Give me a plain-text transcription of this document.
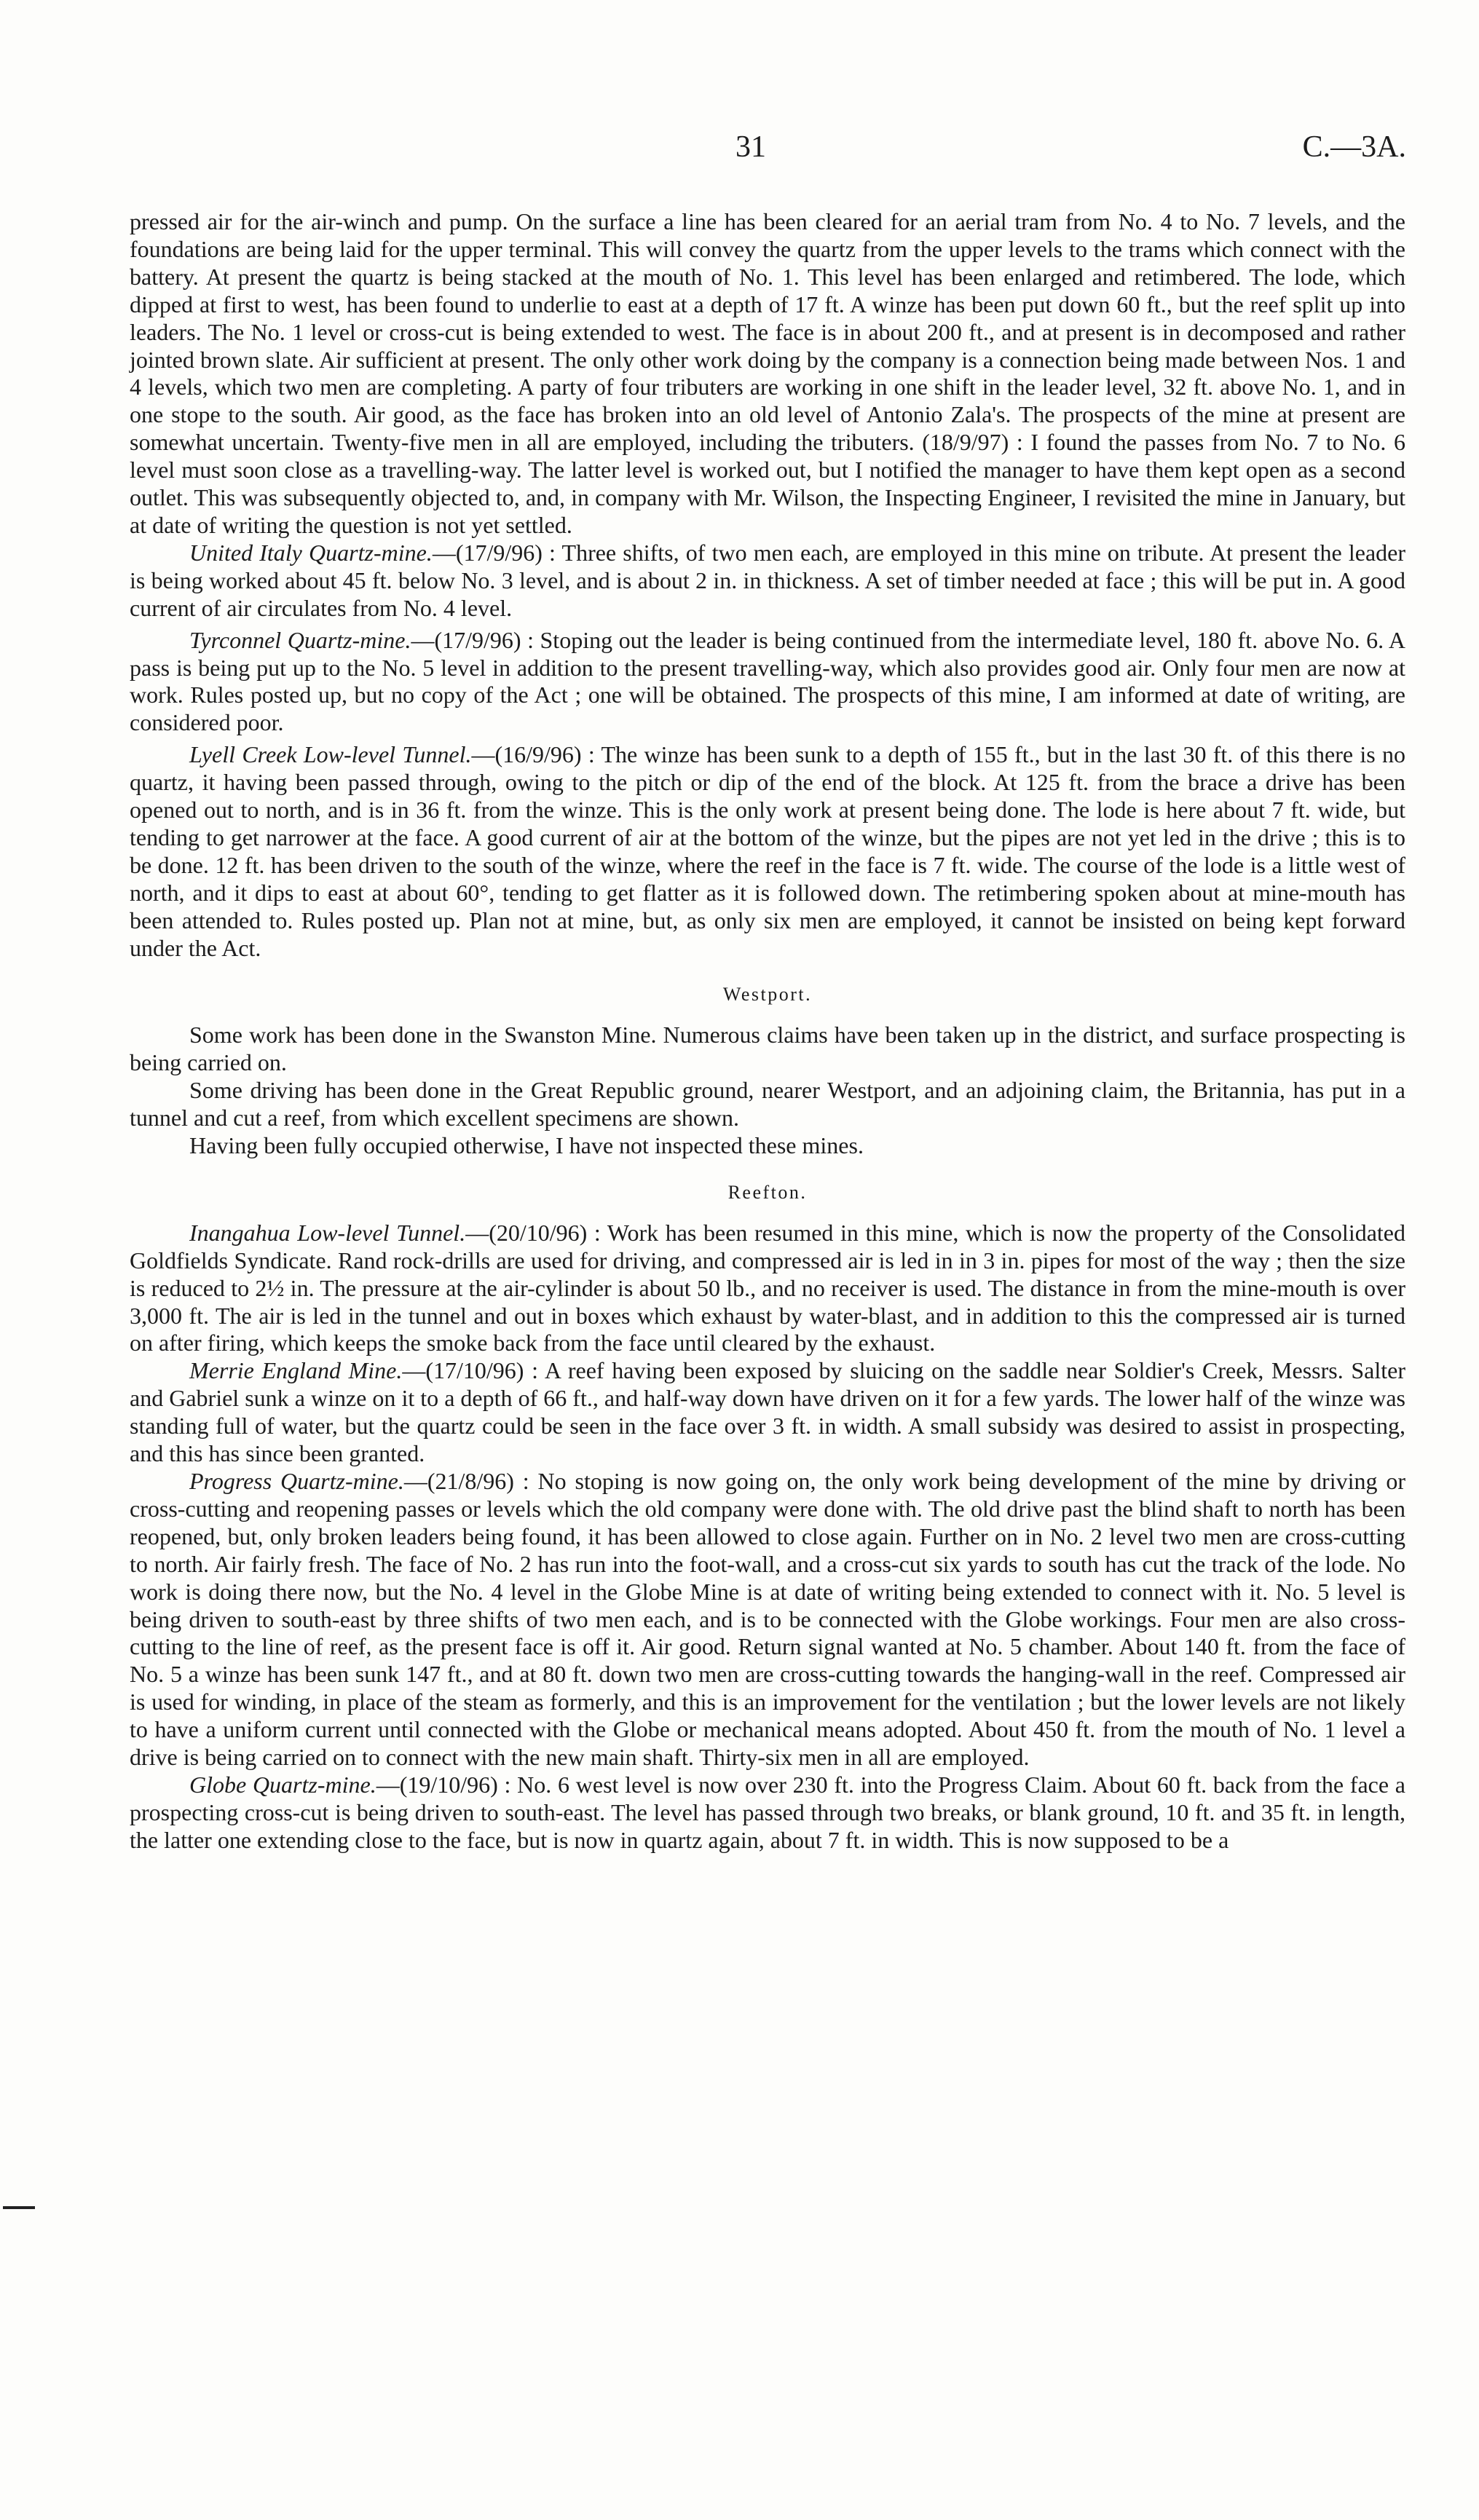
31	C.—3A.

pressed air for the air-winch and pump. On the surface a line has been cleared for an aerial tram from No. 4 to No. 7 levels, and the foundations are being laid for the upper terminal. This will convey the quartz from the upper levels to the trams which connect with the battery. At present the quartz is being stacked at the mouth of No. 1. This level has been enlarged and retimbered. The lode, which dipped at first to west, has been found to underlie to east at a depth of 17 ft. A winze has been put down 60 ft., but the reef split up into leaders. The No. 1 level or cross-cut is being extended to west. The face is in about 200 ft., and at present is in decomposed and rather jointed brown slate. Air sufficient at present. The only other work doing by the company is a connection being made between Nos. 1 and 4 levels, which two men are completing. A party of four tributers are working in one shift in the leader level, 32 ft. above No. 1, and in one stope to the south. Air good, as the face has broken into an old level of Antonio Zala's. The prospects of the mine at present are somewhat uncertain. Twenty-five men in all are employed, including the tributers. (18/9/97) : I found the passes from No. 7 to No. 6 level must soon close as a travelling-way. The latter level is worked out, but I notified the manager to have them kept open as a second outlet. This was subsequently objected to, and, in company with Mr. Wilson, the Inspecting Engineer, I revisited the mine in January, but at date of writing the question is not yet settled.

United Italy Quartz-mine.—(17/9/96) : Three shifts, of two men each, are employed in this mine on tribute. At present the leader is being worked about 45 ft. below No. 3 level, and is about 2 in. in thickness. A set of timber needed at face ; this will be put in. A good current of air circulates from No. 4 level.

Tyrconnel Quartz-mine.—(17/9/96) : Stoping out the leader is being continued from the intermediate level, 180 ft. above No. 6. A pass is being put up to the No. 5 level in addition to the present travelling-way, which also provides good air. Only four men are now at work. Rules posted up, but no copy of the Act ; one will be obtained. The prospects of this mine, I am informed at date of writing, are considered poor.

Lyell Creek Low-level Tunnel.—(16/9/96) : The winze has been sunk to a depth of 155 ft., but in the last 30 ft. of this there is no quartz, it having been passed through, owing to the pitch or dip of the end of the block. At 125 ft. from the brace a drive has been opened out to north, and is in 36 ft. from the winze. This is the only work at present being done. The lode is here about 7 ft. wide, but tending to get narrower at the face. A good current of air at the bottom of the winze, but the pipes are not yet led in the drive ; this is to be done. 12 ft. has been driven to the south of the winze, where the reef in the face is 7 ft. wide. The course of the lode is a little west of north, and it dips to east at about 60°, tending to get flatter as it is followed down. The retimbering spoken about at mine-mouth has been attended to. Rules posted up. Plan not at mine, but, as only six men are employed, it cannot be insisted on being kept forward under the Act.

Westport.

Some work has been done in the Swanston Mine. Numerous claims have been taken up in the district, and surface prospecting is being carried on.

Some driving has been done in the Great Republic ground, nearer Westport, and an adjoining claim, the Britannia, has put in a tunnel and cut a reef, from which excellent specimens are shown.

Having been fully occupied otherwise, I have not inspected these mines.

Reefton.

Inangahua Low-level Tunnel.—(20/10/96) : Work has been resumed in this mine, which is now the property of the Consolidated Goldfields Syndicate. Rand rock-drills are used for driving, and compressed air is led in in 3 in. pipes for most of the way ; then the size is reduced to 2½ in. The pressure at the air-cylinder is about 50 lb., and no receiver is used. The distance in from the mine-mouth is over 3,000 ft. The air is led in the tunnel and out in boxes which exhaust by water-blast, and in addition to this the compressed air is turned on after firing, which keeps the smoke back from the face until cleared by the exhaust.

Merrie England Mine.—(17/10/96) : A reef having been exposed by sluicing on the saddle near Soldier's Creek, Messrs. Salter and Gabriel sunk a winze on it to a depth of 66 ft., and half-way down have driven on it for a few yards. The lower half of the winze was standing full of water, but the quartz could be seen in the face over 3 ft. in width. A small subsidy was desired to assist in prospecting, and this has since been granted.

Progress Quartz-mine.—(21/8/96) : No stoping is now going on, the only work being development of the mine by driving or cross-cutting and reopening passes or levels which the old company were done with. The old drive past the blind shaft to north has been reopened, but, only broken leaders being found, it has been allowed to close again. Further on in No. 2 level two men are cross-cutting to north. Air fairly fresh. The face of No. 2 has run into the foot-wall, and a cross-cut six yards to south has cut the track of the lode. No work is doing there now, but the No. 4 level in the Globe Mine is at date of writing being extended to connect with it. No. 5 level is being driven to south-east by three shifts of two men each, and is to be connected with the Globe workings. Four men are also cross-cutting to the line of reef, as the present face is off it. Air good. Return signal wanted at No. 5 chamber. About 140 ft. from the face of No. 5 a winze has been sunk 147 ft., and at 80 ft. down two men are cross-cutting towards the hanging-wall in the reef. Compressed air is used for winding, in place of the steam as formerly, and this is an improvement for the ventilation ; but the lower levels are not likely to have a uniform current until connected with the Globe or mechanical means adopted. About 450 ft. from the mouth of No. 1 level a drive is being carried on to connect with the new main shaft. Thirty-six men in all are employed.

Globe Quartz-mine.—(19/10/96) : No. 6 west level is now over 230 ft. into the Progress Claim. About 60 ft. back from the face a prospecting cross-cut is being driven to south-east. The level has passed through two breaks, or blank ground, 10 ft. and 35 ft. in length, the latter one extending close to the face, but is now in quartz again, about 7 ft. in width. This is now supposed to be a
